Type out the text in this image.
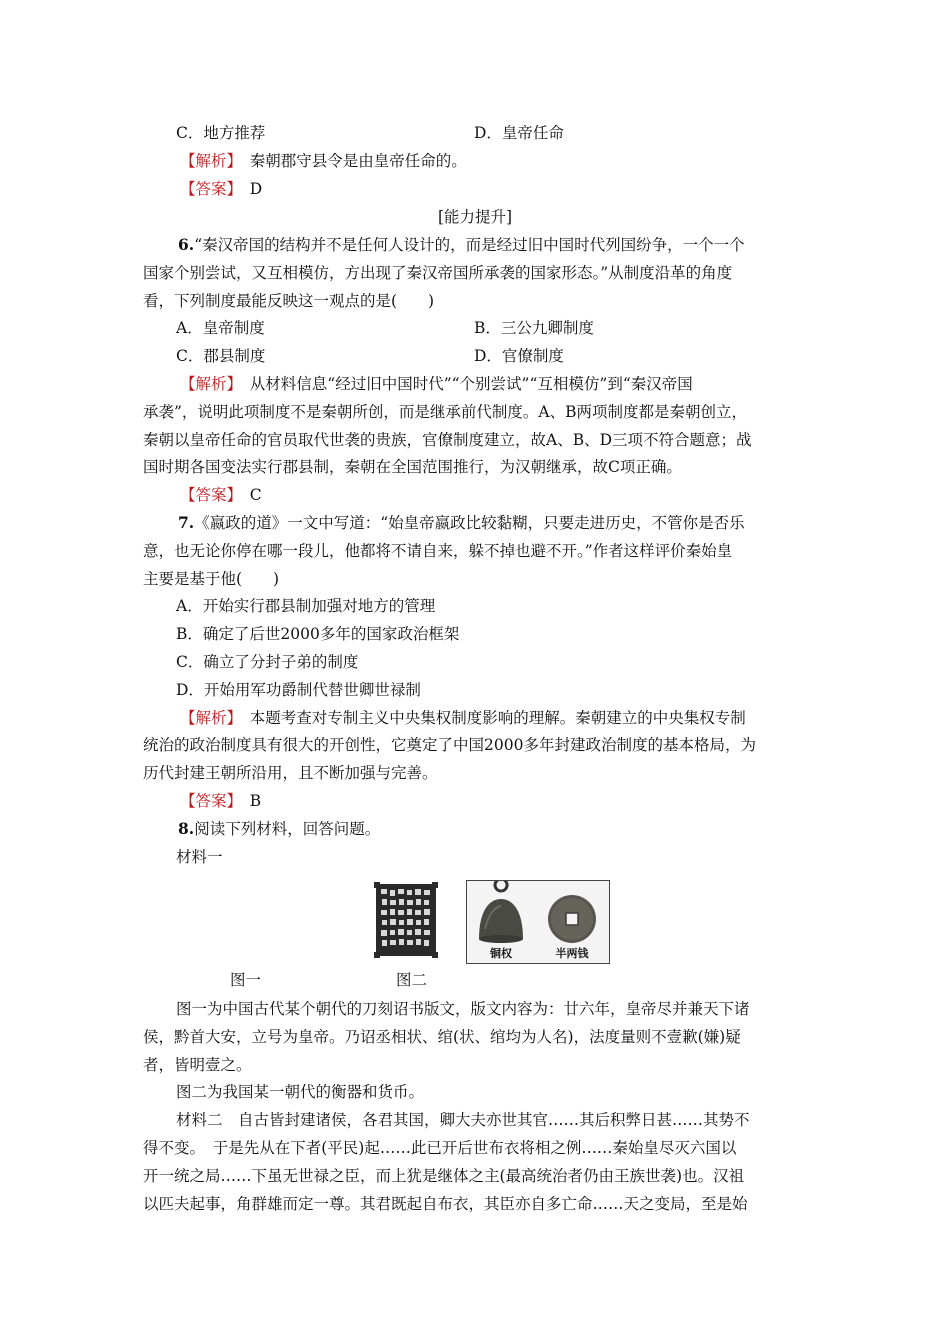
C．地方推荐	D．皇帝任命
【解析】　 秦朝郡守县令是由皇帝任命的。
【答案】　 D
[能力提升]
6.“秦汉帝国的结构并不是任何人设计的，而是经过旧中国时代列国纷争，一个一个
国家个别尝试，又互相模仿，方出现了秦汉帝国所承袭的国家形态。”从制度沿革的角度
看，下列制度最能反映这一观点的是(　　)
A．皇帝制度	B．三公九卿制度
C．郡县制度	D．官僚制度
【解析】　 从材料信息“经过旧中国时代”“个别尝试”“互相模仿”到“秦汉帝国
承袭”，说明此项制度不是秦朝所创，而是继承前代制度。A、B两项制度都是秦朝创立，
秦朝以皇帝任命的官员取代世袭的贵族，官僚制度建立，故A、B、D三项不符合题意；战
国时期各国变法实行郡县制，秦朝在全国范围推行，为汉朝继承，故C项正确。
【答案】　 C
7.《嬴政的道》一文中写道：“始皇帝嬴政比较黏糊，只要走进历史，不管你是否乐
意，也无论你停在哪一段儿，他都将不请自来，躲不掉也避不开。”作者这样评价秦始皇
主要是基于他(　　)
A．开始实行郡县制加强对地方的管理
B．确定了后世2000多年的国家政治框架
C．确立了分封子弟的制度
D．开始用军功爵制代替世卿世禄制
【解析】　 本题考查对专制主义中央集权制度影响的理解。秦朝建立的中央集权专制
统治的政治制度具有很大的开创性，它奠定了中国2000多年封建政治制度的基本格局，为
历代封建王朝所沿用，且不断加强与完善。
【答案】　 B
8.阅读下列材料，回答问题。
材料一
铜权	半两钱
图一	图二
图一为中国古代某个朝代的刀刻诏书版文，版文内容为：廿六年，皇帝尽并兼天下诸
侯，黔首大安，立号为皇帝。乃诏丞相状、绾(状、绾均为人名)，法度量则不壹歉(嫌)疑
者，皆明壹之。
图二为我国某一朝代的衡器和货币。
材料二　自古皆封建诸侯，各君其国，卿大夫亦世其官……其后积弊日甚……其势不
得不变。　于是先从在下者(平民)起……此已开后世布衣将相之例……秦始皇尽灭六国以
开一统之局……下虽无世禄之臣，而上犹是继体之主(最高统治者仍由王族世袭)也。汉祖
以匹夫起事，角群雄而定一尊。其君既起自布衣，其臣亦自多亡命……天之变局，至是始
